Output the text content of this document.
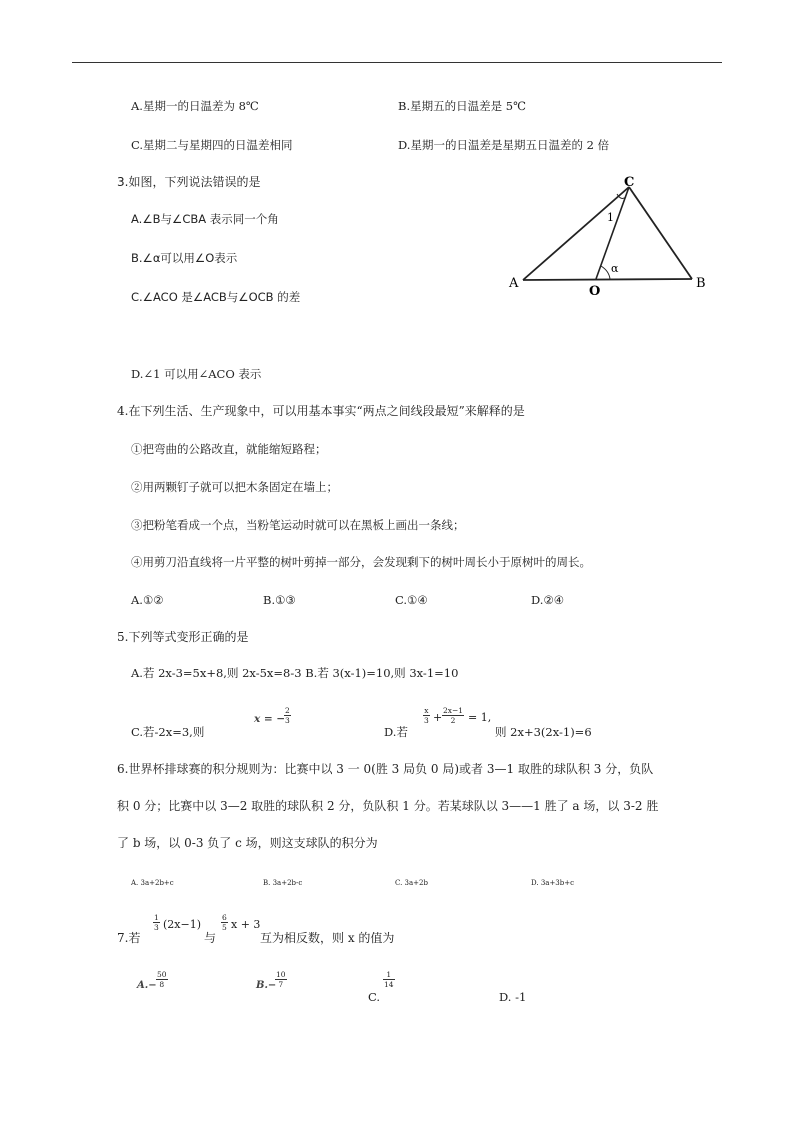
A.星期一的日温差为 8℃	B.星期五的日温差是 5℃
C.星期二与星期四的日温差相同	D.星期一的日温差是星期五日温差的 2 倍
3.如图，下列说法错误的是
A.∠B与∠CBA 表示同一个角
B.∠α可以用∠O表示
C.∠ACO 是∠ACB与∠OCB 的差
D.∠1 可以用∠ACO 表示
C
A	B
O
1
α
4.在下列生活、生产现象中，可以用基本事实“两点之间线段最短”来解释的是
①把弯曲的公路改直，就能缩短路程；
②用两颗钉子就可以把木条固定在墙上；
③把粉笔看成一个点，当粉笔运动时就可以在黑板上画出一条线；
④用剪刀沿直线将一片平整的树叶剪掉一部分，会发现剩下的树叶周长小于原树叶的周长。
A.①②	B.①③	C.①④	D.②④
5.下列等式变形正确的是
A.若 2x-3=5x+8,则 2x-5x=8-3 B.若 3(x-1)=10,则 3x-1=10
C.若-2x=3,则
x = −
$\frac{2}{3}$
D.若
$\frac{x}{3} + \frac{2x-1}{2} = 1$,
则 2x+3(2x-1)=6
6.世界杯排球赛的积分规则为：比赛中以 3 一 0(胜 3 局负 0 局)或者 3—1 取胜的球队积 3 分，负队
积 0 分；比赛中以 3—2 取胜的球队积 2 分，负队积 1 分。若某球队以 3——1 胜了 a 场，以 3-2 胜
了 b 场，以 0-3 负了 c 场，则这支球队的积分为
A. 3a+2b+c	B. 3a+2b-c	C. 3a+2b	D. 3a+3b+c
7.若
$\frac{1}{3} (2x-1)$
与
$\frac{6}{5}$ x + 3
互为相反数，则 x 的值为
$A.- \frac{50}{8}$	B.−
$\frac{10}{7}$
C.
$\frac{1}{14}$
D. -1
